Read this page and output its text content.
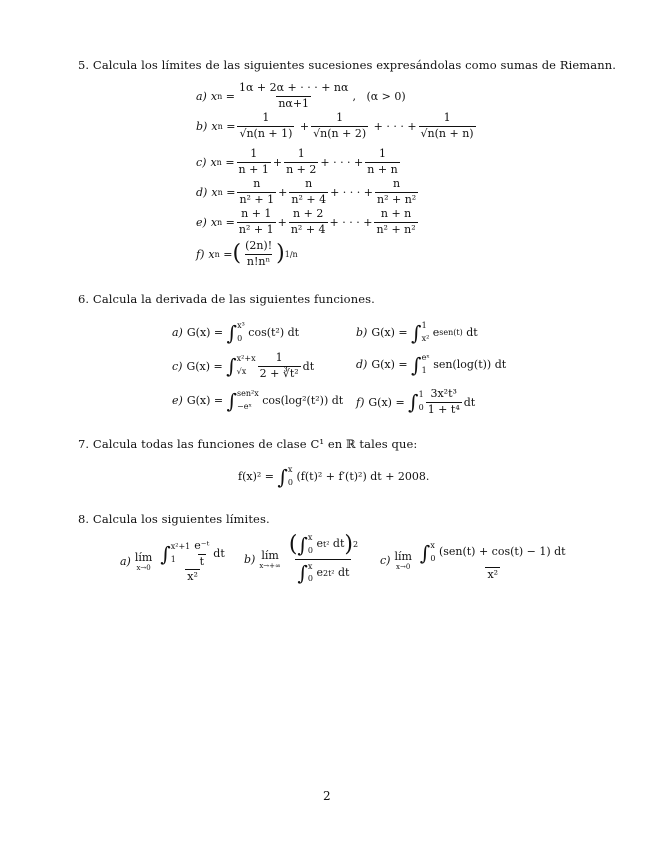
5. Calcula los límites de las siguientes sucesiones expresándolas como sumas de Riemann.
a) x $n = \frac{1\alpha + 2\alpha + \cdot \cdot \cdot + n\alpha}{n\alpha+1}$ , (α > 0)
b) x $n = \frac{1}{√n(n + 1)} + \frac{1}{√n(n + 2)}$
+ · · · + $\frac{1}{√n(n + n)}$
c) x $n = \frac{1}{n + 1} + \frac{1}{n + 2}$ + · · · + $\frac{1}{n + n}$
d) x $n = \frac{n}{\text{n² + 1}} + \frac{n}{\text{n² + 4}}$ + · · · + $\frac{n}{\text{n² + n²}}$
e) x $n = \frac{n + 1}{\text{n² + 1}} + \frac{n + 2}{\text{n² + 4}}$ + · · · + $\frac{n + n}{\text{n² + n²}}$
f) x n = ( $\frac{(2n)!}{\text{n!nⁿ}}$ ) 1/n
6. Calcula la derivada de las siguientes funciones.
a) G(x) =
∫ x³
0
cos(t²) dt	b) G(x) =
∫ 1
x²
e sen(t)
dt
c) G(x) =
∫ x²+x
√x	$\frac{1}{\text{2 + ∛t²}}$ dt	d) G(x) =
∫ eˣ
1
sen(log(t)) dt
e) G(x) =
∫ sen²x
−eˣ
cos(log²(t²)) dt f) G(x) =
∫ 1
$0 \frac{\text{3x²t³}}{\text{1 + t⁴}}$ dt
7. Calcula todas las funciones de clase C¹ en ℝ tales que:
f(x)² =
∫ x
0
(f(t)² + f′(t)²) dt + 2008.
8. Calcula los siguientes límites.
a) lím
x→0 ∫ x²+1
1	$\frac{\text{e⁻ᵗ}}{t}$ dt
x² b) lím
x→+∞ ( ∫ x
0
e t²
dt ) 2
∫ x
0
e 2t²
dt c) lím
x→0 ∫ x
0
(sen(t) + cos(t) − 1) dt
x²
2
